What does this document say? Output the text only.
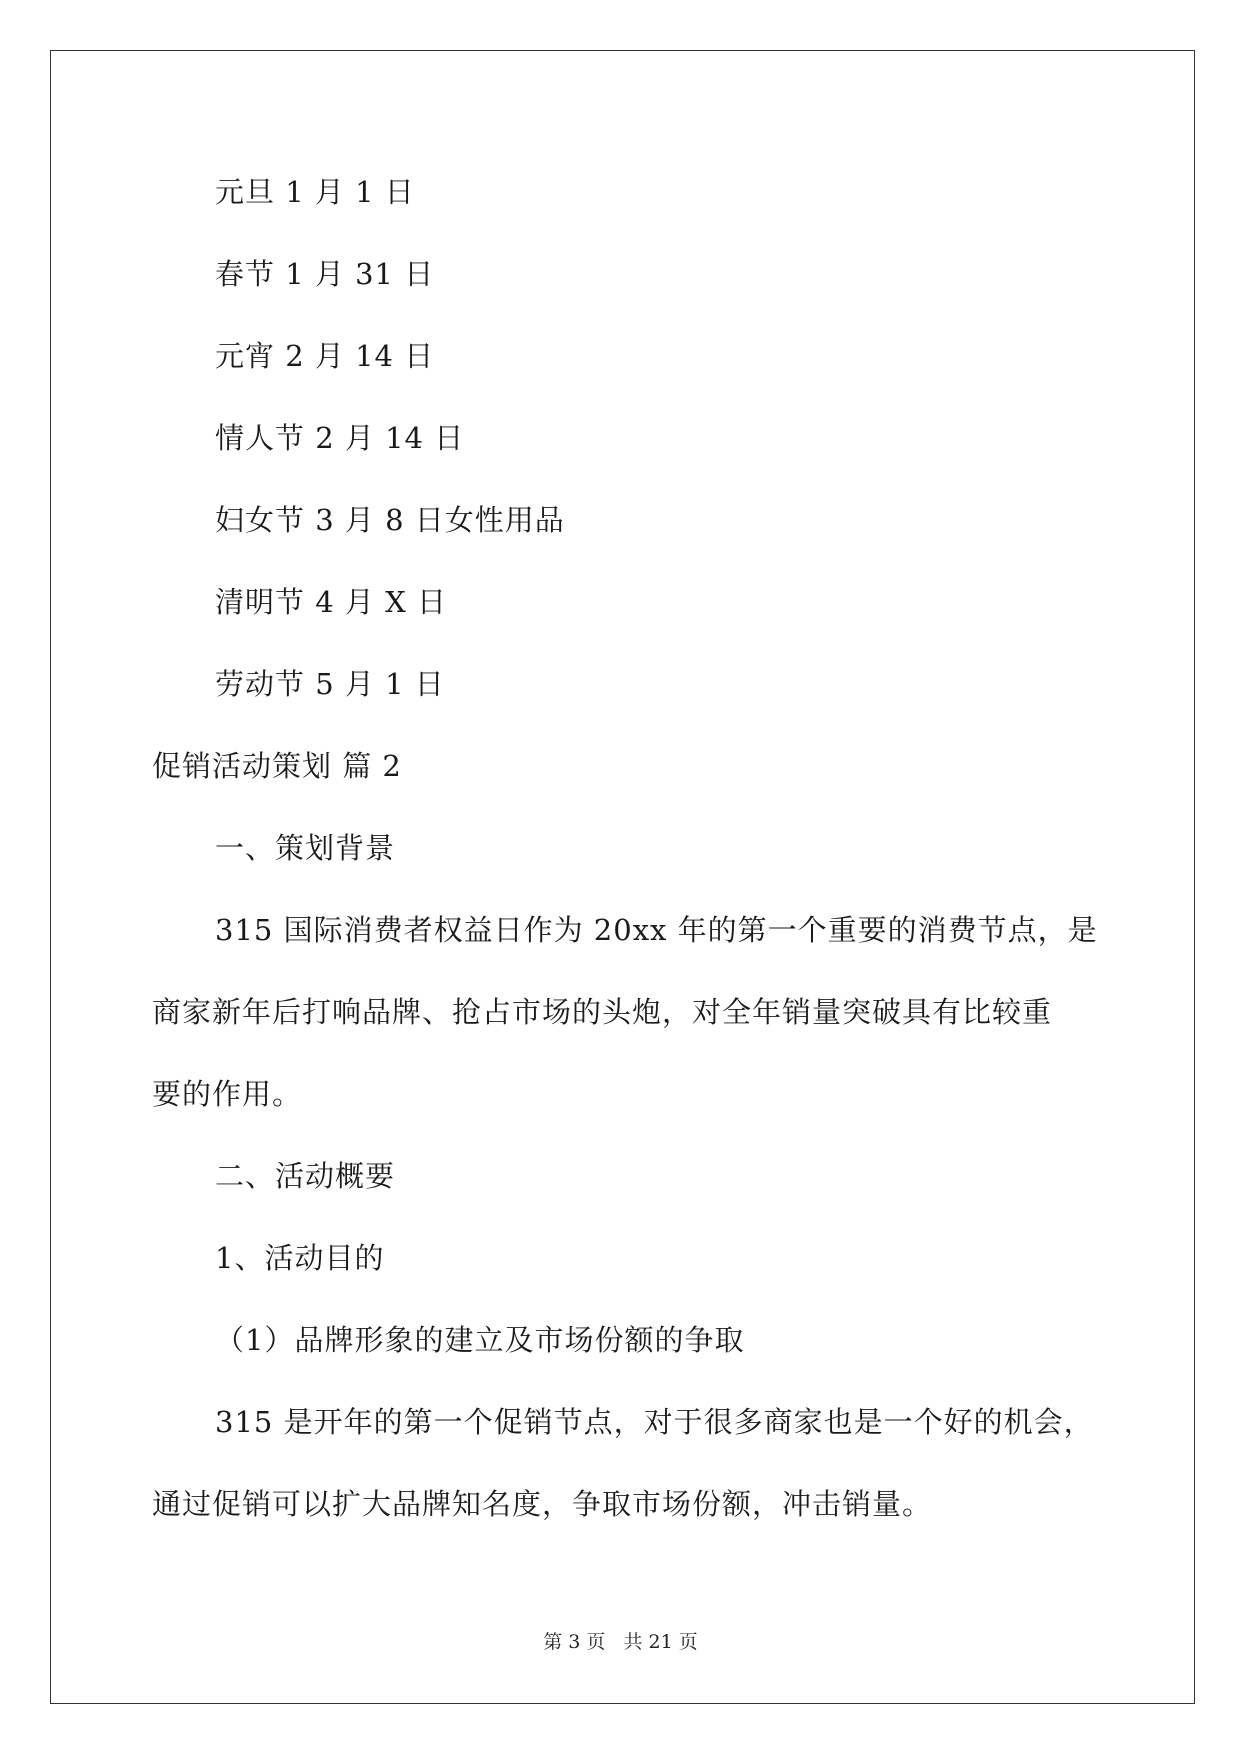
元旦 1 月 1 日
春节 1 月 31 日
元宵 2 月 14 日
情人节 2 月 14 日
妇女节 3 月 8 日女性用品
清明节 4 月 X 日
劳动节 5 月 1 日
促销活动策划 篇 2
一、策划背景
315 国际消费者权益日作为 20xx 年的第一个重要的消费节点，是
商家新年后打响品牌、抢占市场的头炮，对全年销量突破具有比较重
要的作用。
二、活动概要
1、活动目的
（1）品牌形象的建立及市场份额的争取
315 是开年的第一个促销节点，对于很多商家也是一个好的机会，
通过促销可以扩大品牌知名度，争取市场份额，冲击销量。
第 3 页   共 21 页
